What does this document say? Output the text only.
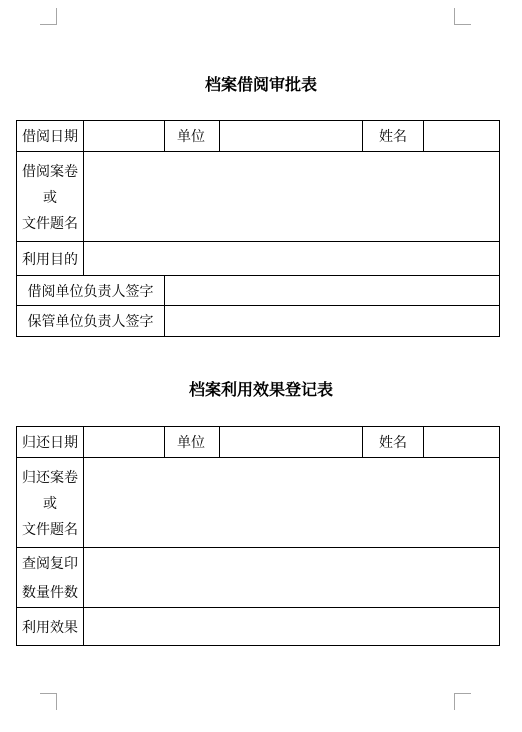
档案借阅审批表
借阅日期		单位		姓名	

借阅案卷
或
文件题名					

利用目的					
借阅单位负责人签字					
保管单位负责人签字					
档案利用效果登记表
归还日期		单位		姓名	

归还案卷
或
文件题名					

查阅复印
数量件数					

利用效果					
